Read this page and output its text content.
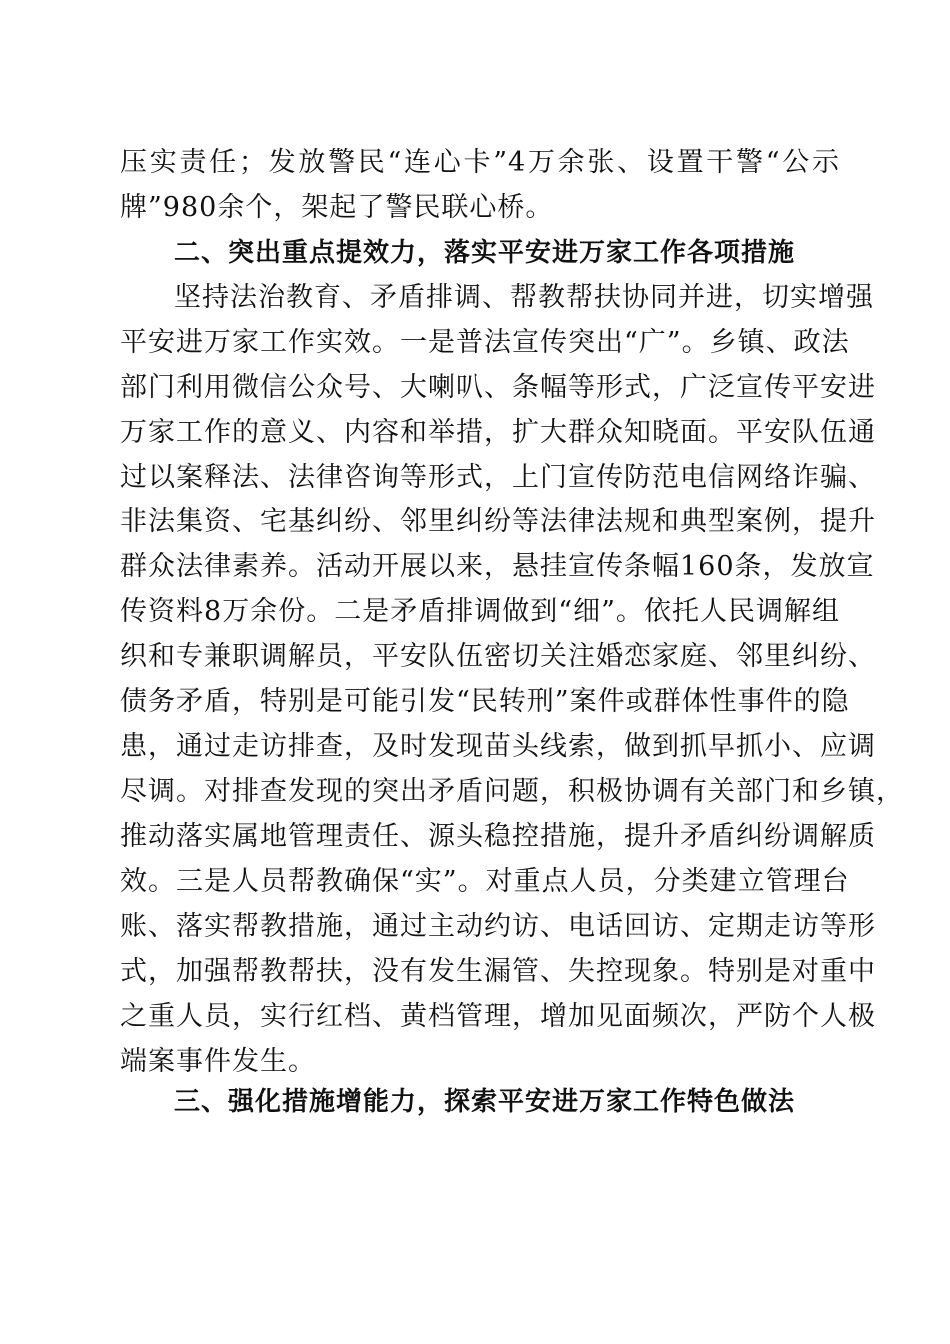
压实责任；发放警民“连心卡”4万余张、设置干警“公示
牌”980余个，架起了警民联心桥。
二、突出重点提效力，落实平安进万家工作各项措施
坚持法治教育、矛盾排调、帮教帮扶协同并进，切实增强
平安进万家工作实效。一是普法宣传突出“广”。乡镇、政法
部门利用微信公众号、大喇叭、条幅等形式，广泛宣传平安进
万家工作的意义、内容和举措，扩大群众知晓面。平安队伍通
过以案释法、法律咨询等形式，上门宣传防范电信网络诈骗、
非法集资、宅基纠纷、邻里纠纷等法律法规和典型案例，提升
群众法律素养。活动开展以来，悬挂宣传条幅160条，发放宣
传资料8万余份。二是矛盾排调做到“细”。依托人民调解组
织和专兼职调解员，平安队伍密切关注婚恋家庭、邻里纠纷、
债务矛盾，特别是可能引发“民转刑”案件或群体性事件的隐
患，通过走访排查，及时发现苗头线索，做到抓早抓小、应调
尽调。对排查发现的突出矛盾问题，积极协调有关部门和乡镇，
推动落实属地管理责任、源头稳控措施，提升矛盾纠纷调解质
效。三是人员帮教确保“实”。对重点人员，分类建立管理台
账、落实帮教措施，通过主动约访、电话回访、定期走访等形
式，加强帮教帮扶，没有发生漏管、失控现象。特别是对重中
之重人员，实行红档、黄档管理，增加见面频次，严防个人极
端案事件发生。
三、强化措施增能力，探索平安进万家工作特色做法
